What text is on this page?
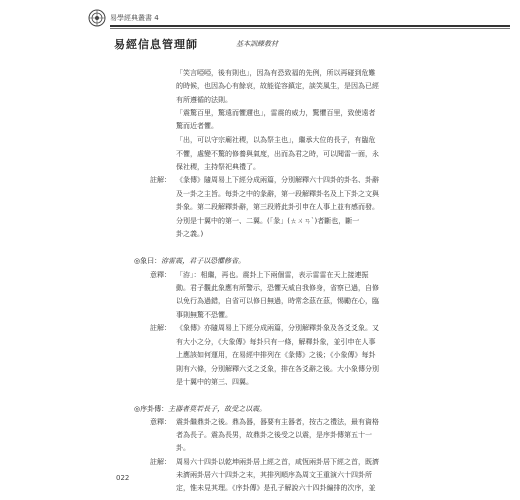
易學經典叢書 4
易經信息管理師	基本訓練教材
「笑言啞啞，後有則也」，因為有恐致福的先例，所以再碰到危難
的時候，也因為心有餘哀，故能從容鎮定，談笑風生，是因為已經
有所遵循的法則。
「震驚百里，驚遠而懼邇也」，雷震的威力，驚懼百里，致使遠者
驚而近者懼。
「出，可以守宗廟社稷，以為祭主也」，繼承大位的長子，有臨危
不懼，處變不驚的修養與氣度，出而為君之時，可以聞雷一面，永
保社稷，主持祭祀典禮了。
註解： 《彖傳》隨周易上下經分成兩篇，分別解釋六十四卦的卦名、卦辭
及一卦之主旨。每卦之中的彖辭，第一段解釋卦名及上下卦之文與
卦象。第二段解釋卦辭，第三段將此卦引申在人事上並有感而發。
分別是十翼中的第一、二翼。(「彖」(ㄊㄨㄢˋ)者斷也，斷一
卦之義。)
◎象曰：洊雷震，君子以恐懼修省。
意釋： 「洊」：相繼，再也。震卦上下兩個雷，表示雷雷在天上接連振
動。君子觀此象應有所警示，恐懼天威自我修身，省察已過，自修
以免行為過錯，自省可以修日無過，時常念茲在茲，惕勵在心，臨
事則無驚不恐懼。
註解： 《象傳》亦隨周易上下經分成兩篇，分別解釋卦象及各爻爻象。又
有大小之分，《大象傳》每卦只有一條，解釋卦象，並引申在人事
上應該如何運用，在易經中排列在《彖傳》之後；《小象傳》每卦
則有六條，分別解釋六爻之爻象，排在各爻辭之後。大小象傳分別
是十翼中的第三、四翼。
◎序卦傳：主器者莫若長子，故受之以震。
意釋： 震卦繼鼎卦之後。鼎為器，器要有主器者，按古之禮法，最有資格
者為長子。震為長男，故鼎卦之後受之以震，是序卦傳第五十一
卦。
註解： 周易六十四卦以乾坤兩卦居上經之首，咸恆兩卦居下經之首，既濟
未濟兩卦居六十四卦之末，其排列順序為周文王重演六十四卦所
定，惟未見其理。《序卦傳》是孔子解說六十四卦編排的次序，並
022
